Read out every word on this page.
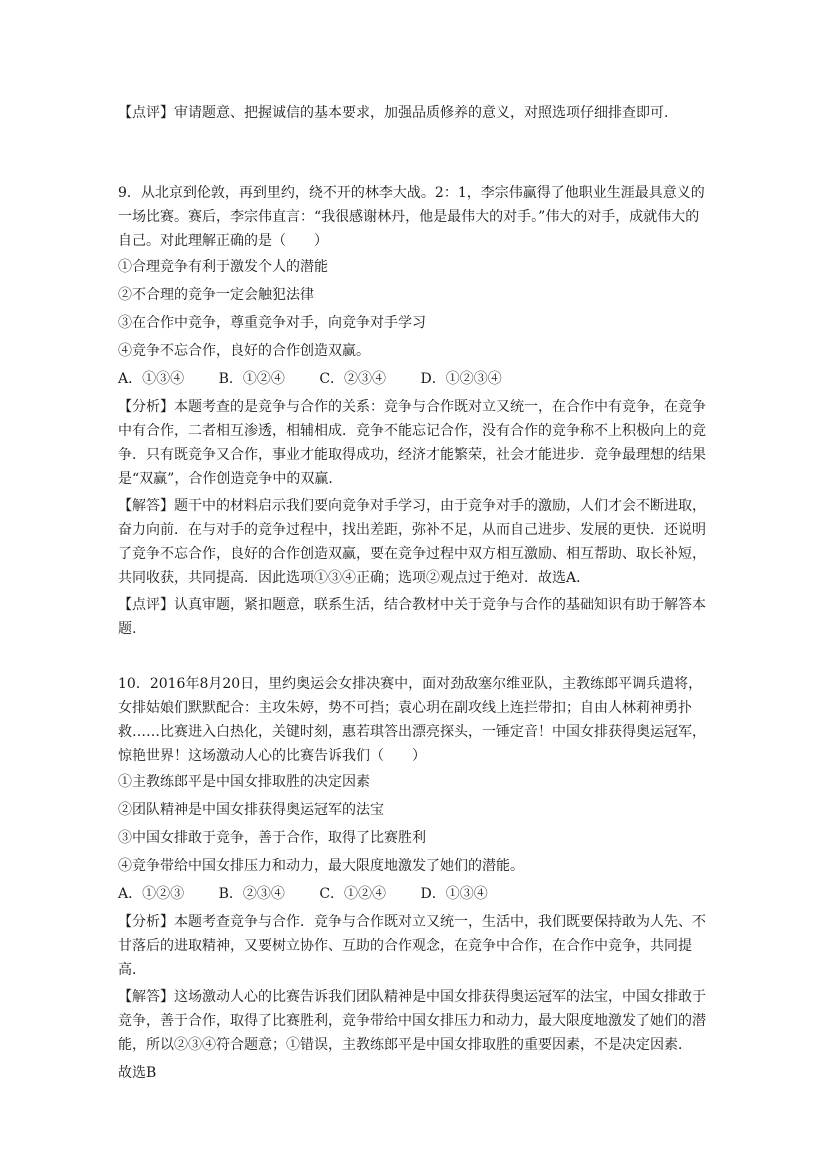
【点评】审请题意、把握诚信的基本要求，加强品质修养的意义，对照选项仔细排查即可.

9．从北京到伦敦，再到里约，绕不开的林李大战。2：1，李宗伟赢得了他职业生涯最具意义的一场比赛。赛后，李宗伟直言：“我很感谢林丹，他是最伟大的对手。”伟大的对手，成就伟大的自己。对此理解正确的是（　　）

①合理竞争有利于激发个人的潜能

②不合理的竞争一定会触犯法律

③在合作中竞争，尊重竞争对手，向竞争对手学习

④竞争不忘合作，良好的合作创造双赢。

A．①③④ B．①②④ C．②③④ D．①②③④

【分析】本题考查的是竞争与合作的关系：竞争与合作既对立又统一，在合作中有竞争，在竞争中有合作，二者相互渗透，相辅相成．竞争不能忘记合作，没有合作的竞争称不上积极向上的竞争．只有既竞争又合作，事业才能取得成功，经济才能繁荣，社会才能进步．竞争最理想的结果是“双赢”，合作创造竞争中的双赢．

【解答】题干中的材料启示我们要向竞争对手学习，由于竞争对手的激励，人们才会不断进取，奋力向前．在与对手的竞争过程中，找出差距，弥补不足，从而自己进步、发展的更快．还说明了竞争不忘合作，良好的合作创造双赢，要在竞争过程中双方相互激励、相互帮助、取长补短，共同收获，共同提高．因此选项①③④正确；选项②观点过于绝对．故选A．

【点评】认真审题，紧扣题意，联系生活，结合教材中关于竞争与合作的基础知识有助于解答本题.

10．2016年8月20日，里约奥运会女排决赛中，面对劲敌塞尔维亚队，主教练郎平调兵遣将，女排姑娘们默默配合：主攻朱婷，势不可挡；袁心玥在副攻线上连拦带扣；自由人林莉神勇扑救……比赛进入白热化，关键时刻，惠若琪答出漂亮探头，一锤定音！中国女排获得奥运冠军，惊艳世界！这场激动人心的比赛告诉我们（　　）

①主教练郎平是中国女排取胜的决定因素

②团队精神是中国女排获得奥运冠军的法宝

③中国女排敢于竞争，善于合作，取得了比赛胜利

④竞争带给中国女排压力和动力，最大限度地激发了她们的潜能。

A．①②③ B．②③④ C．①②④ D．①③④

【分析】本题考查竞争与合作．竞争与合作既对立又统一，生活中，我们既要保持敢为人先、不甘落后的进取精神，又要树立协作、互助的合作观念，在竞争中合作，在合作中竞争，共同提高．

【解答】这场激动人心的比赛告诉我们团队精神是中国女排获得奥运冠军的法宝，中国女排敢于竞争，善于合作，取得了比赛胜利，竞争带给中国女排压力和动力，最大限度地激发了她们的潜能，所以②③④符合题意；①错误，主教练郎平是中国女排取胜的重要因素，不是决定因素．

故选B
